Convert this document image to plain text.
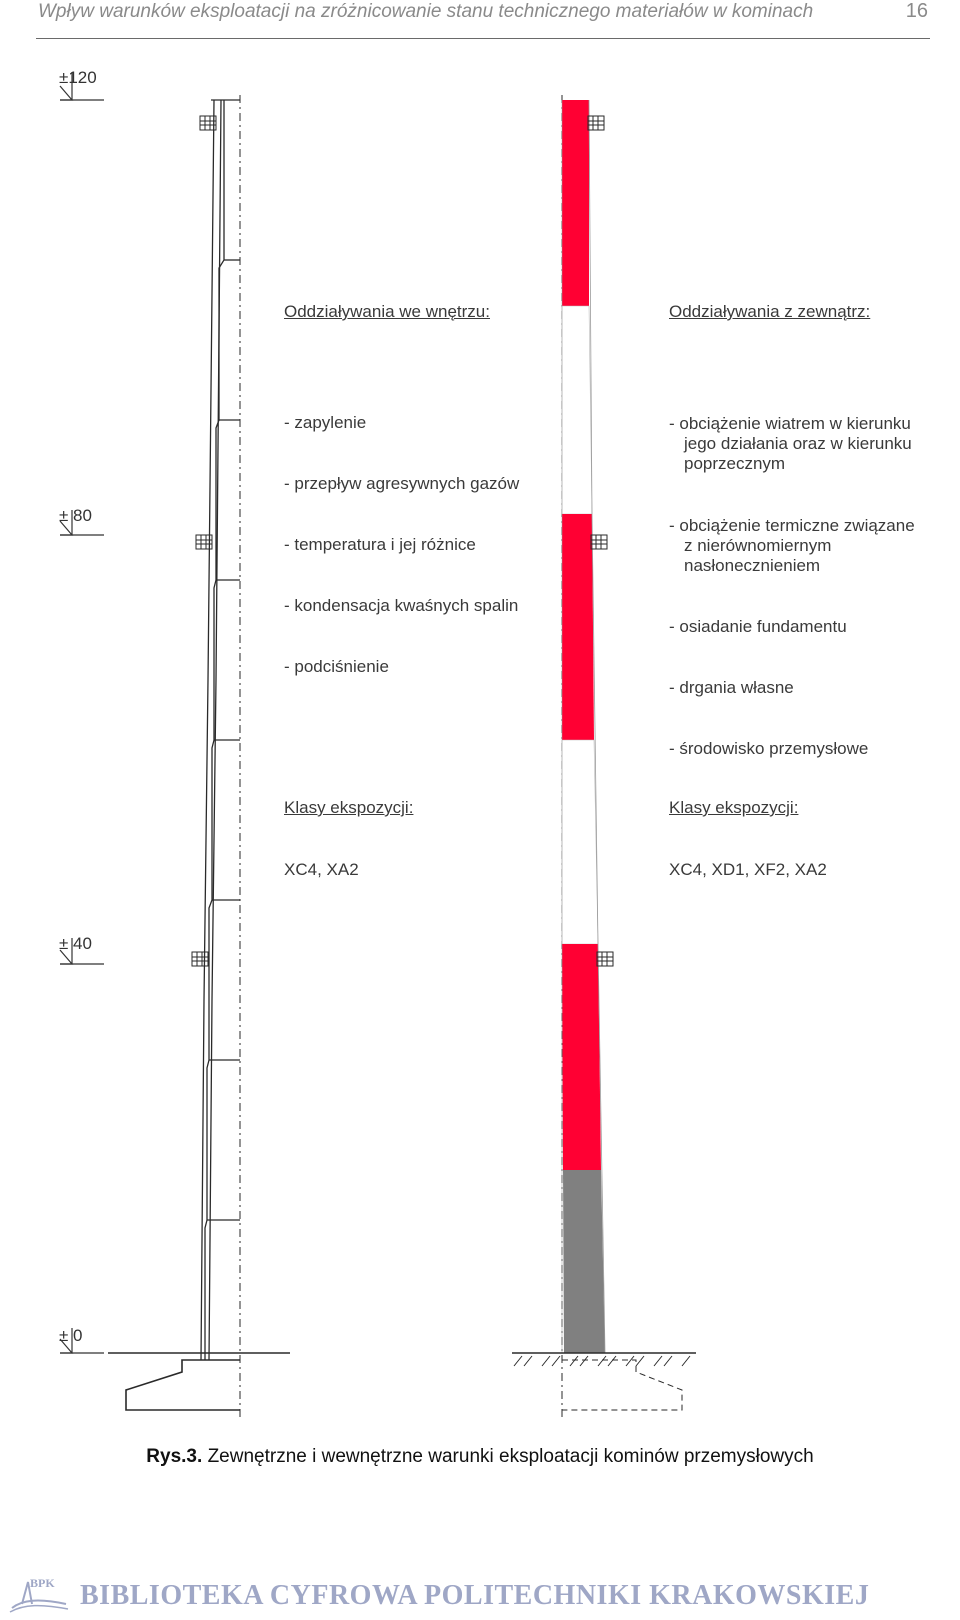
Wpływ warunków eksploatacji na zróżnicowanie stanu technicznego materiałów w kominach	16
±120
± 80
± 40
± 0
Oddziaływania we wnętrzu:
- zapylenie
- przepływ agresywnych gazów
- temperatura i jej różnice
- kondensacja kwaśnych spalin
- podciśnienie
Klasy ekspozycji:
XC4, XA2
Oddziaływania z zewnątrz:
- obciążenie wiatrem w kierunku
jego działania oraz w kierunku
poprzecznym
- obciążenie termiczne związane
z nierównomiernym
nasłonecznieniem
- osiadanie fundamentu
- drgania własne
- środowisko przemysłowe
Klasy ekspozycji:
XC4, XD1, XF2, XA2
Rys.3. Zewnętrzne i wewnętrzne warunki eksploatacji kominów przemysłowych
BPK BIBLIOTEKA CYFROWA POLITECHNIKI KRAKOWSKIEJ
